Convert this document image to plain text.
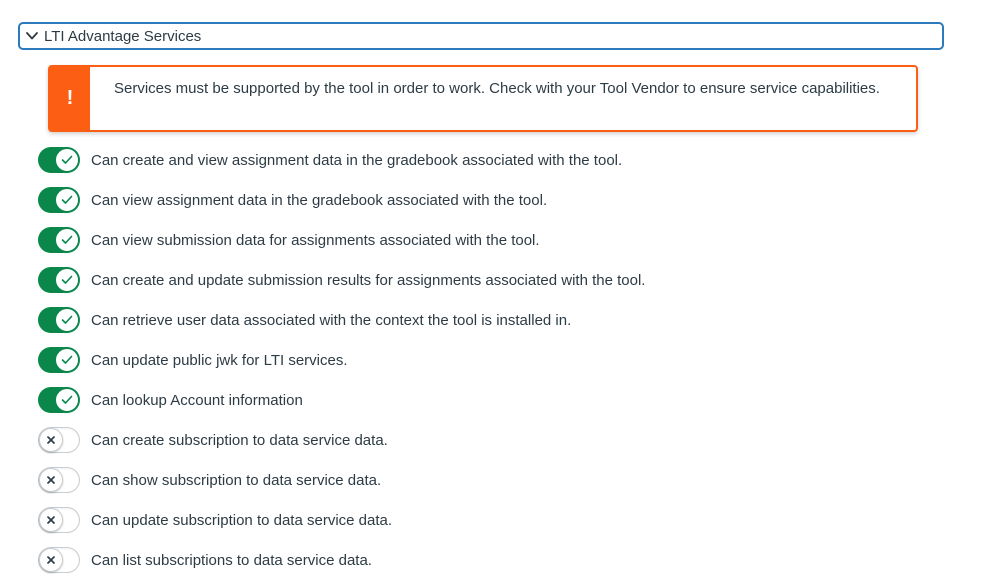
LTI Advantage Services
!	Services must be supported by the tool in order to work. Check with your Tool Vendor to ensure service capabilities.
Can create and view assignment data in the gradebook associated with the tool.
Can view assignment data in the gradebook associated with the tool.
Can view submission data for assignments associated with the tool.
Can create and update submission results for assignments associated with the tool.
Can retrieve user data associated with the context the tool is installed in.
Can update public jwk for LTI services.
Can lookup Account information
Can create subscription to data service data.
Can show subscription to data service data.
Can update subscription to data service data.
Can list subscriptions to data service data.
